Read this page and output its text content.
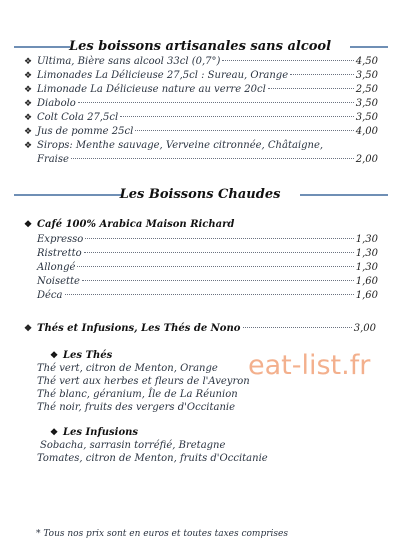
Les boissons artisanales sans alcool
❖ Ultima, Bière sans alcool 33cl (0,7°)	4,50
❖ Limonades La Délicieuse 27,5cl : Sureau, Orange	3,50
❖ Limonade La Délicieuse nature au verre 20cl	2,50
❖ Diabolo	3,50
❖ Colt Cola 27,5cl	3,50
❖ Jus de pomme 25cl	4,00
❖ Sirops: Menthe sauvage, Verveine citronnée, Châtaigne,
Fraise	2,00
Les Boissons Chaudes
❖ Café 100% Arabica Maison Richard
Expresso	1,30
Ristretto	1,30
Allongé	1,30
Noisette	1,60
Déca	1,60
❖ Thés et Infusions, Les Thés de Nono	3,00
❖ Les Thés
Thé vert, citron de Menton, Orange
Thé vert aux herbes et fleurs de l'Aveyron
Thé blanc, géranium, Île de La Réunion
Thé noir, fruits des vergers d'Occitanie
❖ Les Infusions
Sobacha, sarrasin torréfié, Bretagne
Tomates, citron de Menton, fruits d'Occitanie
eat-list.fr
* Tous nos prix sont en euros et toutes taxes comprises
